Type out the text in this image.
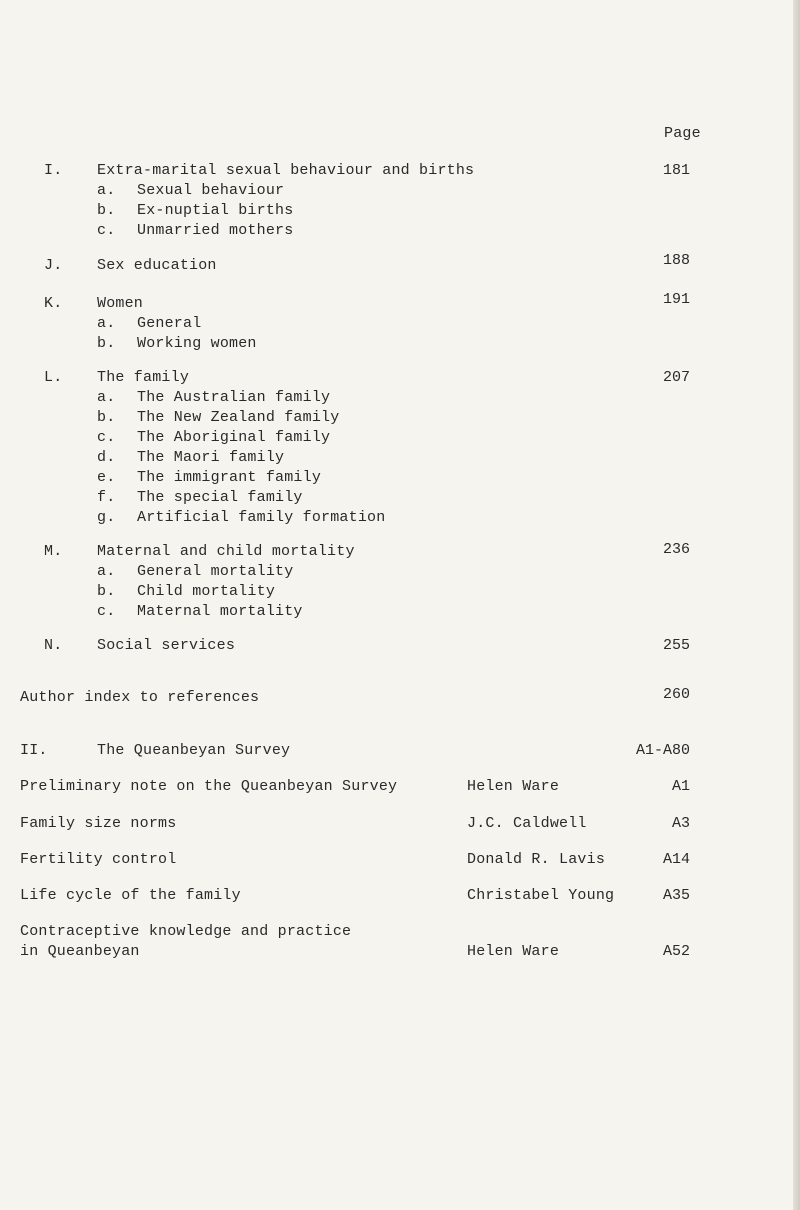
Page
I. Extra-marital sexual behaviour and births	181
a. Sexual behaviour
b. Ex-nuptial births
c. Unmarried mothers
J. Sex education	188
K. Women	191
a. General
b. Working women
L. The family	207
a. The Australian family
b. The New Zealand family
c. The Aboriginal family
d. The Maori family
e. The immigrant family
f. The special family
g. Artificial family formation
M. Maternal and child mortality	236
a. General mortality
b. Child mortality
c. Maternal mortality
N. Social services	255
Author index to references	260
II.	The Queanbeyan Survey	A1-A80
Preliminary note on the Queanbeyan Survey	Helen Ware	A1
Family size norms	J.C. Caldwell	A3
Fertility control	Donald R. Lavis	A14
Life cycle of the family	Christabel Young	A35
Contraceptive knowledge and practice
in Queanbeyan	Helen Ware	A52
